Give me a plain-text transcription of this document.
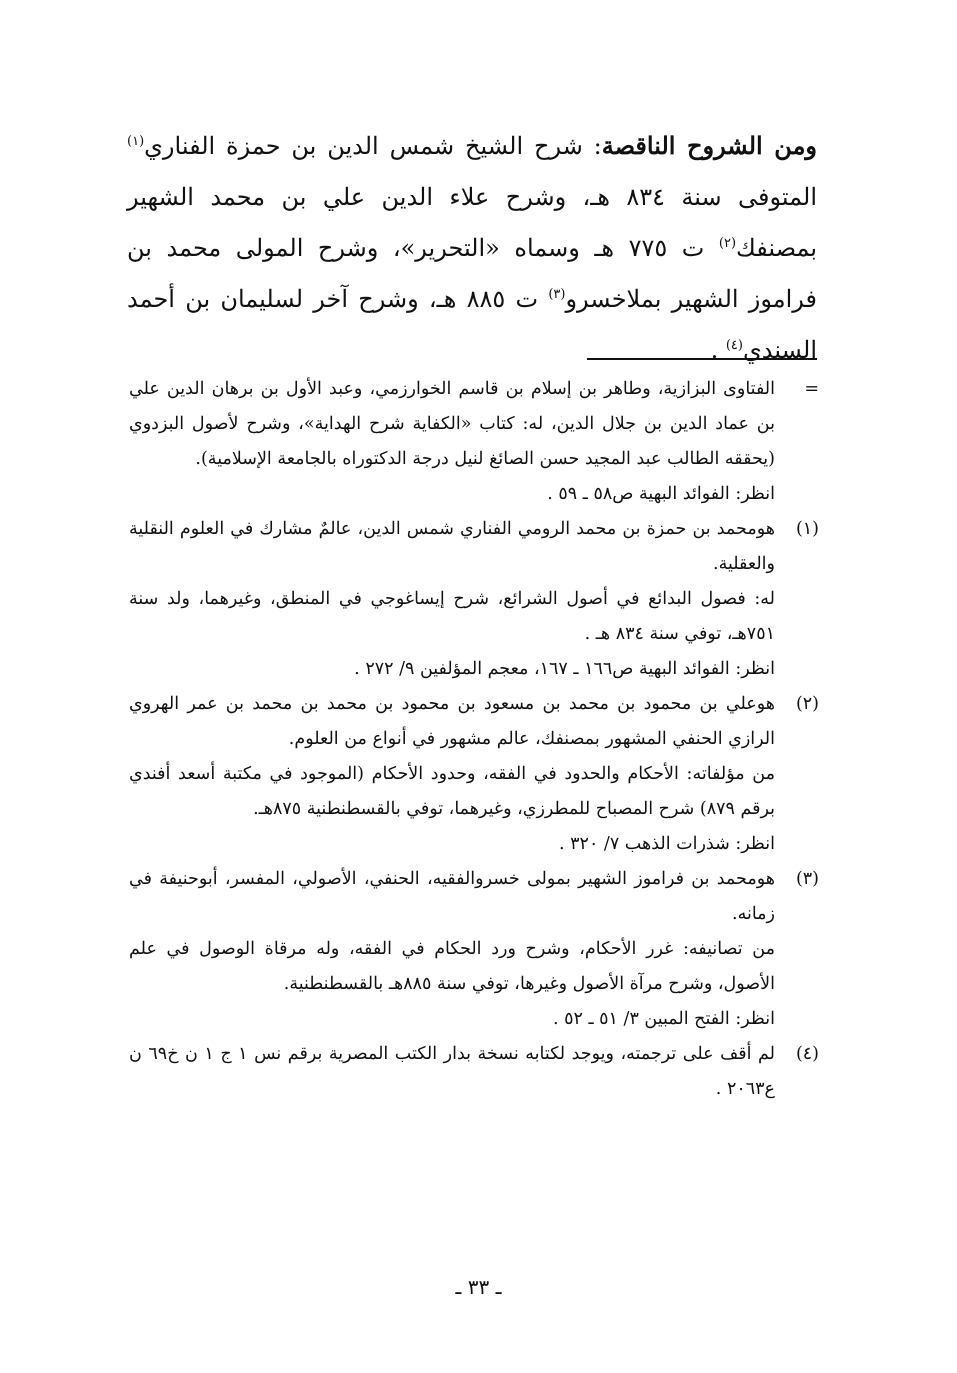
ومن الشروح الناقصة: شرح الشيخ شمس الدين بن حمزة الفناري$^{(١)}$ المتوفى سنة ٨٣٤ هـ، وشرح علاء الدين علي بن محمد الشهير بمصنفك$^{(٢)}$ ت ٧٧٥ هـ وسماه «التحرير»، وشرح المولى محمد بن فراموز الشهير بملاخسرو$^{(٣)}$ ت ٨٨٥ هـ، وشرح آخر لسليمان بن أحمد السندي$^{(٤)}$ .

=

الفتاوى البزازية، وطاهر بن إسلام بن قاسم الخوارزمي، وعبد الأول بن برهان الدين علي بن عماد الدين بن جلال الدين، له: كتاب «الكفاية شرح الهداية»، وشرح لأصول البزدوي (يحققه الطالب عبد المجيد حسن الصائغ لنيل درجة الدكتوراه بالجامعة الإسلامية).

انظر: الفوائد البهية ص٥٨ ـ ٥٩ .

(١)

هومحمد بن حمزة بن محمد الرومي الفناري شمس الدين، عالمٌ مشارك في العلوم النقلية والعقلية.

له: فصول البدائع في أصول الشرائع، شرح إيساغوجي في المنطق، وغيرهما، ولد سنة ٧٥١هـ، توفي سنة ٨٣٤ هـ .

انظر: الفوائد البهية ص١٦٦ ـ ١٦٧، معجم المؤلفين ٩/ ٢٧٢ .

(٢)

هوعلي بن محمود بن محمد بن مسعود بن محمود بن محمد بن محمد بن عمر الهروي الرازي الحنفي المشهور بمصنفك، عالم مشهور في أنواع من العلوم.

من مؤلفاته: الأحكام والحدود في الفقه، وحدود الأحكام (الموجود في مكتبة أسعد أفندي برقم ٨٧٩) شرح المصباح للمطرزي، وغيرهما، توفي بالقسطنطنية ٨٧٥هـ.

انظر: شذرات الذهب ٧/ ٣٢٠ .

(٣)

هومحمد بن فراموز الشهير بمولى خسروالفقيه، الحنفي، الأصولي، المفسر، أبوحنيفة في زمانه.

من تصانيفه: غرر الأحكام، وشرح ورد الحكام في الفقه، وله مرقاة الوصول في علم الأصول، وشرح مرآة الأصول وغيرها، توفي سنة ٨٨٥هـ بالقسطنطنية.

انظر: الفتح المبين ٣/ ٥١ ـ ٥٢ .

(٤)

لم أقف على ترجمته، ويوجد لكتابه نسخة بدار الكتب المصرية برقم نس ١ ج ١ ن خ٦٩ ن ع٢٠٦٣ .

ـ ٣٣ ـ
